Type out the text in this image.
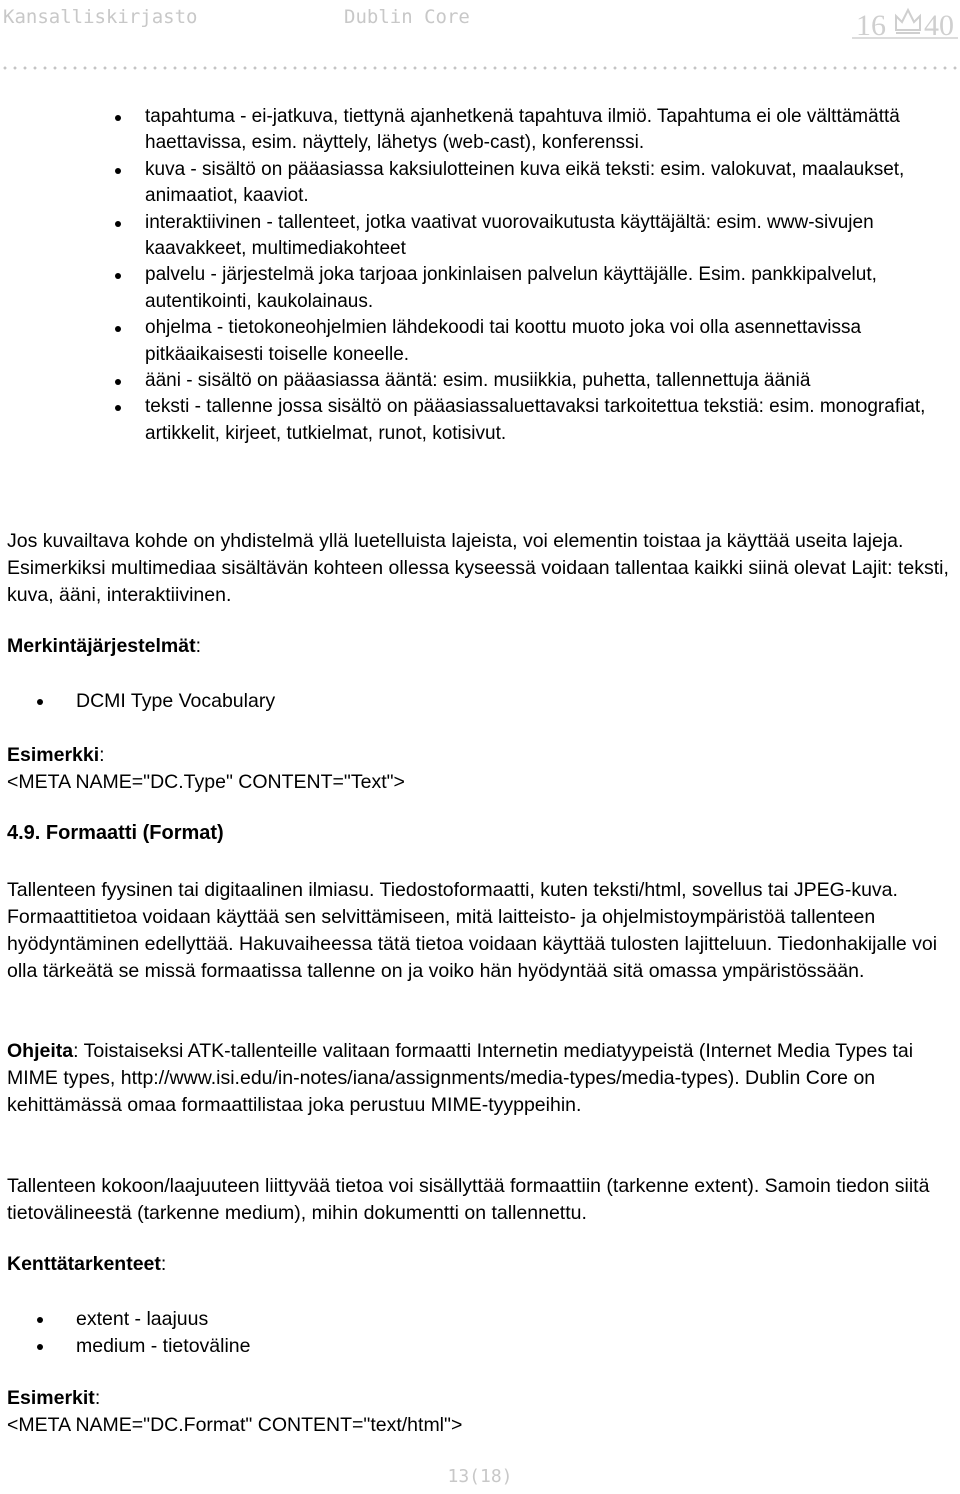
Kansalliskirjasto	Dublin Core	16 40
tapahtuma - ei-jatkuva, tiettynä ajanhetkenä tapahtuva ilmiö. Tapahtuma ei ole välttämättä haettavissa, esim. näyttely, lähetys (web-cast), konferenssi.
kuva - sisältö on pääasiassa kaksiulotteinen kuva eikä teksti: esim. valokuvat, maalaukset, animaatiot, kaaviot.
interaktiivinen - tallenteet, jotka vaativat vuorovaikutusta käyttäjältä: esim. www-sivujen kaavakkeet, multimediakohteet
palvelu - järjestelmä joka tarjoaa jonkinlaisen palvelun käyttäjälle. Esim. pankkipalvelut, autentikointi, kaukolainaus.
ohjelma - tietokoneohjelmien lähdekoodi tai koottu muoto joka voi olla asennettavissa pitkäaikaisesti toiselle koneelle.
ääni - sisältö on pääasiassa ääntä: esim. musiikkia, puhetta, tallennettuja ääniä
teksti - tallenne jossa sisältö on pääasiassaluettavaksi tarkoitettua tekstiä: esim. monografiat, artikkelit, kirjeet, tutkielmat, runot, kotisivut.

Jos kuvailtava kohde on yhdistelmä yllä luetelluista lajeista, voi elementin toistaa ja käyttää useita lajeja. Esimerkiksi multimediaa sisältävän kohteen ollessa kyseessä voidaan tallentaa kaikki siinä olevat Lajit: teksti, kuva, ääni, interaktiivinen.

Merkintäjärjestelmät:

DCMI Type Vocabulary

Esimerkki:

<META NAME="DC.Type" CONTENT="Text">

4.9. Formaatti (Format)

Tallenteen fyysinen tai digitaalinen ilmiasu. Tiedostoformaatti, kuten teksti/html, sovellus tai JPEG-kuva. Formaattitietoa voidaan käyttää sen selvittämiseen, mitä laitteisto- ja ohjelmistoympäristöä tallenteen hyödyntäminen edellyttää. Hakuvaiheessa tätä tietoa voidaan käyttää tulosten lajitteluun. Tiedonhakijalle voi olla tärkeätä se missä formaatissa tallenne on ja voiko hän hyödyntää sitä omassa ympäristössään.

Ohjeita: Toistaiseksi ATK-tallenteille valitaan formaatti Internetin mediatyypeistä (Internet Media Types tai MIME types, http://www.isi.edu/in-notes/iana/assignments/media-types/media-types). Dublin Core on kehittämässä omaa formaattilistaa joka perustuu MIME-tyyppeihin.

Tallenteen kokoon/laajuuteen liittyvää tietoa voi sisällyttää formaattiin (tarkenne extent). Samoin tiedon siitä tietovälineestä (tarkenne medium), mihin dokumentti on tallennettu.

Kenttätarkenteet:

extent - laajuus
medium - tietoväline

Esimerkit:

<META NAME="DC.Format" CONTENT="text/html">

13(18)
